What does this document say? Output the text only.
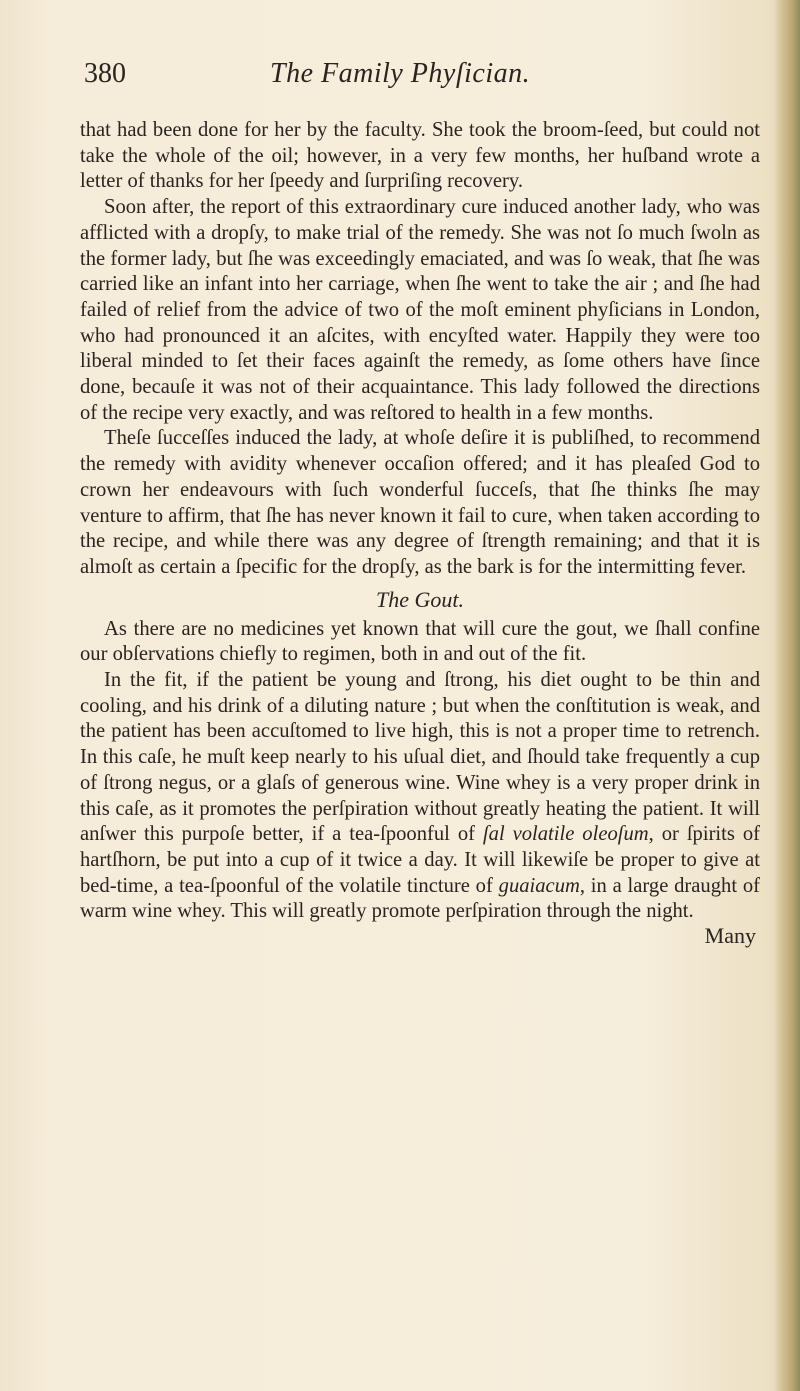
380	The Family Phyſician.

that had been done for her by the faculty. She took the broom-ſeed, but could not take the whole of the oil; however, in a very few months, her huſband wrote a letter of thanks for her ſpeedy and ſurpriſing recovery.

Soon after, the report of this extraordinary cure induced another lady, who was afflicted with a dropſy, to make trial of the remedy. She was not ſo much ſwoln as the former lady, but ſhe was exceedingly emaciated, and was ſo weak, that ſhe was carried like an infant into her carriage, when ſhe went to take the air ; and ſhe had failed of relief from the advice of two of the moſt eminent phyſicians in London, who had pronounced it an aſcites, with encyſted water. Happily they were too liberal minded to ſet their faces againſt the remedy, as ſome others have ſince done, becauſe it was not of their acquaintance. This lady followed the directions of the recipe very exactly, and was reſtored to health in a few months.

Theſe ſucceſſes induced the lady, at whoſe deſire it is publiſhed, to recommend the remedy with avidity whenever occaſion offered; and it has pleaſed God to crown her endeavours with ſuch wonderful ſucceſs, that ſhe thinks ſhe may venture to affirm, that ſhe has never known it fail to cure, when taken according to the recipe, and while there was any degree of ſtrength remaining; and that it is almoſt as certain a ſpecific for the dropſy, as the bark is for the intermitting fever.

The Gout.

As there are no medicines yet known that will cure the gout, we ſhall confine our obſervations chiefly to regimen, both in and out of the fit.

In the fit, if the patient be young and ſtrong, his diet ought to be thin and cooling, and his drink of a diluting nature ; but when the conſtitution is weak, and the patient has been accuſtomed to live high, this is not a proper time to retrench. In this caſe, he muſt keep nearly to his uſual diet, and ſhould take frequently a cup of ſtrong negus, or a glaſs of generous wine. Wine whey is a very proper drink in this caſe, as it promotes the perſpiration without greatly heating the patient. It will anſwer this purpoſe better, if a tea-ſpoonful of ſal volatile oleoſum, or ſpirits of hartſhorn, be put into a cup of it twice a day. It will likewiſe be proper to give at bed-time, a tea-ſpoonful of the volatile tincture of guaiacum, in a large draught of warm wine whey. This will greatly promote perſpiration through the night.

Many
